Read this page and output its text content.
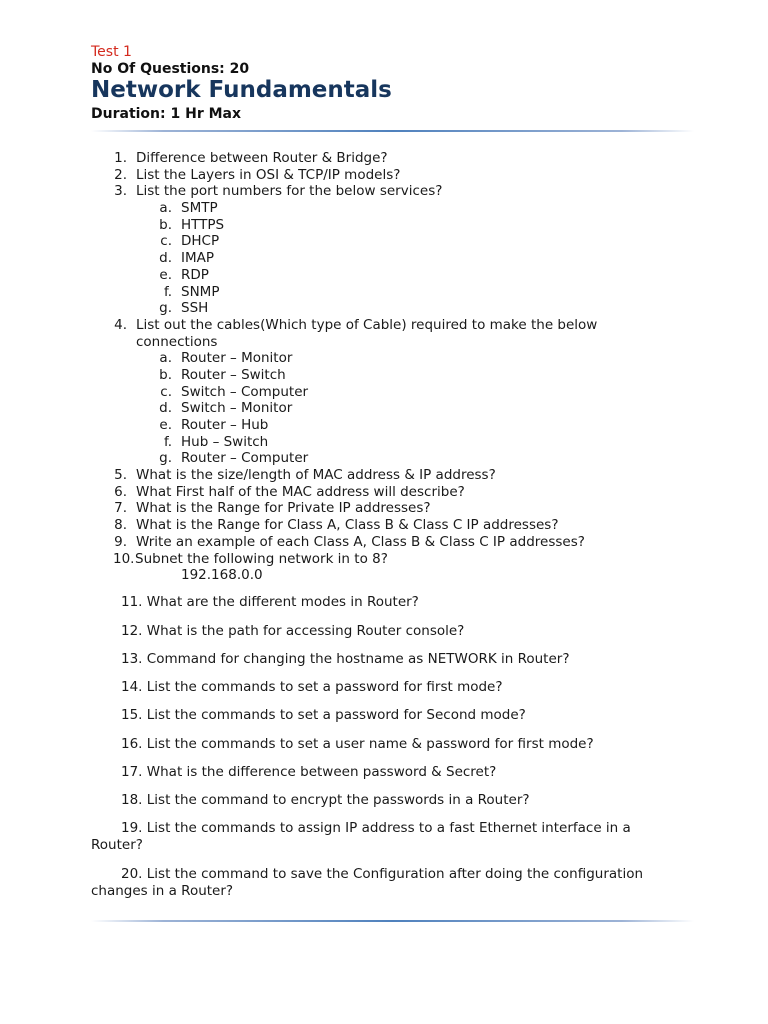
Test 1
No Of Questions: 20
Network Fundamentals
Duration: 1 Hr Max
1. Difference between Router & Bridge?
2. List the Layers in OSI & TCP/IP models?
3. List the port numbers for the below services?
a. SMTP
b. HTTPS
c. DHCP
d. IMAP
e. RDP
f. SNMP
g. SSH
4. List out the cables(Which type of Cable) required to make the below
connections
a. Router – Monitor
b. Router – Switch
c. Switch – Computer
d. Switch – Monitor
e. Router – Hub
f. Hub – Switch
g. Router – Computer
5. What is the size/length of MAC address & IP address?
6. What First half of the MAC address will describe?
7. What is the Range for Private IP addresses?
8. What is the Range for Class A, Class B & Class C IP addresses?
9. Write an example of each Class A, Class B & Class C IP addresses?
10. Subnet the following network in to 8?
192.168.0.0
11. What are the different modes in Router?
12. What is the path for accessing Router console?
13. Command for changing the hostname as NETWORK in Router?
14. List the commands to set a password for first mode?
15. List the commands to set a password for Second mode?
16. List the commands to set a user name & password for first mode?
17. What is the difference between password & Secret?
18. List the command to encrypt the passwords in a Router?
19. List the commands to assign IP address to a fast Ethernet interface in a Router?
20. List the command to save the Configuration after doing the configuration changes in a Router?
